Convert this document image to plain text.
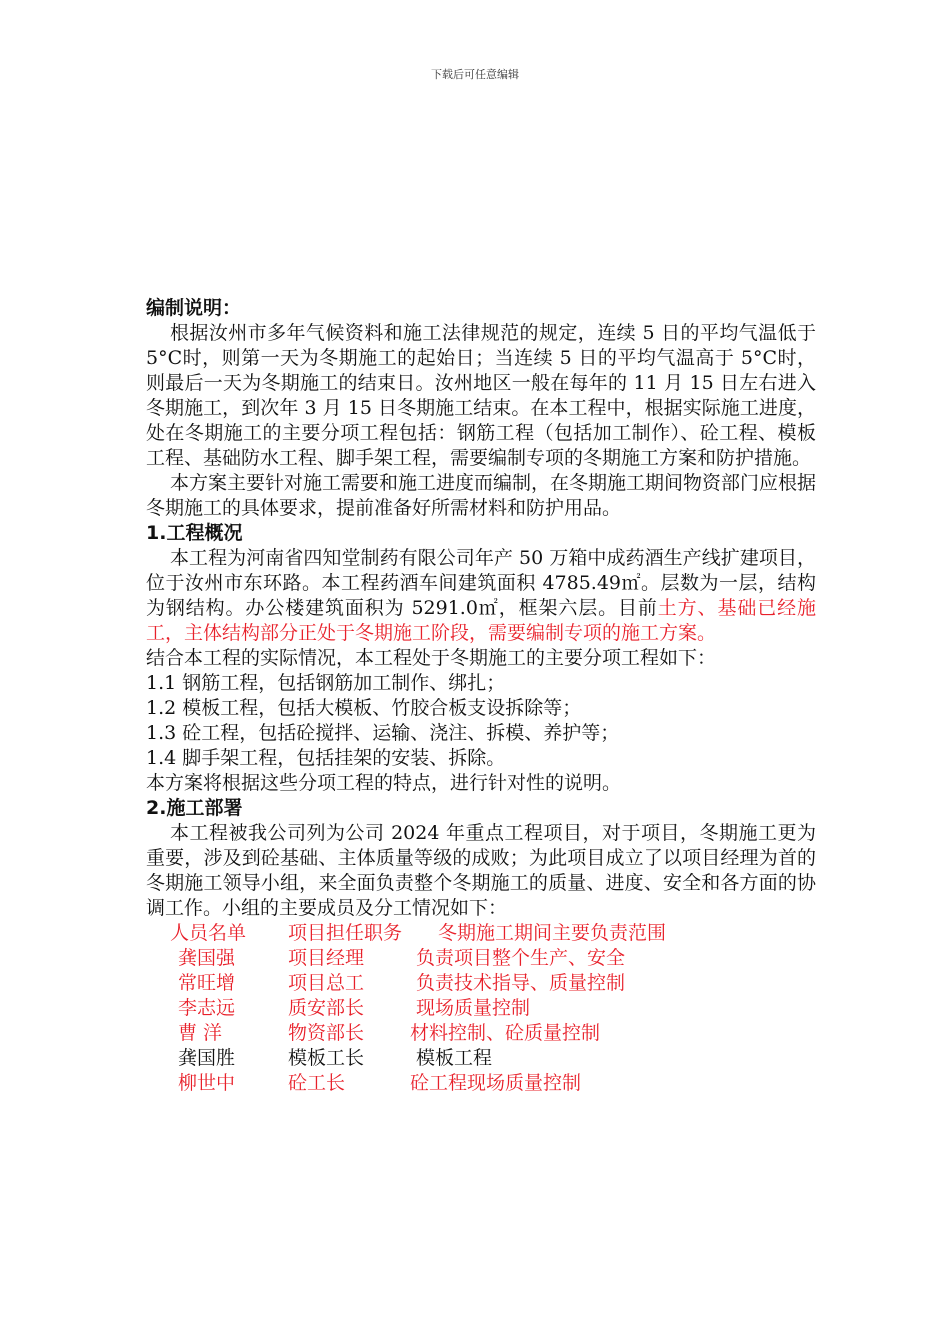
下载后可任意编辑
编制说明：
根据汝州市多年气候资料和施工法律规范的规定，连续 5 日的平均气温低于 5°C时，则第一天为冬期施工的起始日；当连续 5 日的平均气温高于 5°C时，则最后一天为冬期施工的结束日。汝州地区一般在每年的 11 月 15 日左右进入冬期施工，到次年 3 月 15 日冬期施工结束。在本工程中，根据实际施工进度，处在冬期施工的主要分项工程包括：钢筋工程（包括加工制作）、砼工程、模板工程、基础防水工程、脚手架工程，需要编制专项的冬期施工方案和防护措施。
本方案主要针对施工需要和施工进度而编制，在冬期施工期间物资部门应根据冬期施工的具体要求，提前准备好所需材料和防护用品。
1.工程概况
本工程为河南省四知堂制药有限公司年产 50 万箱中成药酒生产线扩建项目，位于汝州市东环路。本工程药酒车间建筑面积 4785.49㎡。层数为一层，结构为钢结构。办公楼建筑面积为 5291.0㎡，框架六层。目前土方、基础已经施工，主体结构部分正处于冬期施工阶段，需要编制专项的施工方案。
结合本工程的实际情况，本工程处于冬期施工的主要分项工程如下：
1.1 钢筋工程，包括钢筋加工制作、绑扎；
1.2 模板工程，包括大模板、竹胶合板支设拆除等；
1.3 砼工程，包括砼搅拌、运输、浇注、拆模、养护等；
1.4 脚手架工程，包括挂架的安装、拆除。
本方案将根据这些分项工程的特点，进行针对性的说明。
2.施工部署
本工程被我公司列为公司 2024 年重点工程项目，对于项目，冬期施工更为重要，涉及到砼基础、主体质量等级的成败；为此项目成立了以项目经理为首的冬期施工领导小组，来全面负责整个冬期施工的质量、进度、安全和各方面的协调工作。小组的主要成员及分工情况如下：
人员名单	项目担任职务	冬期施工期间主要负责范围
龚国强	项目经理	负责项目整个生产、安全
常旺增	项目总工	负责技术指导、质量控制
李志远	质安部长	现场质量控制
曹 洋	物资部长	材料控制、砼质量控制
龚国胜	模板工长	模板工程
柳世中	砼工长	砼工程现场质量控制
